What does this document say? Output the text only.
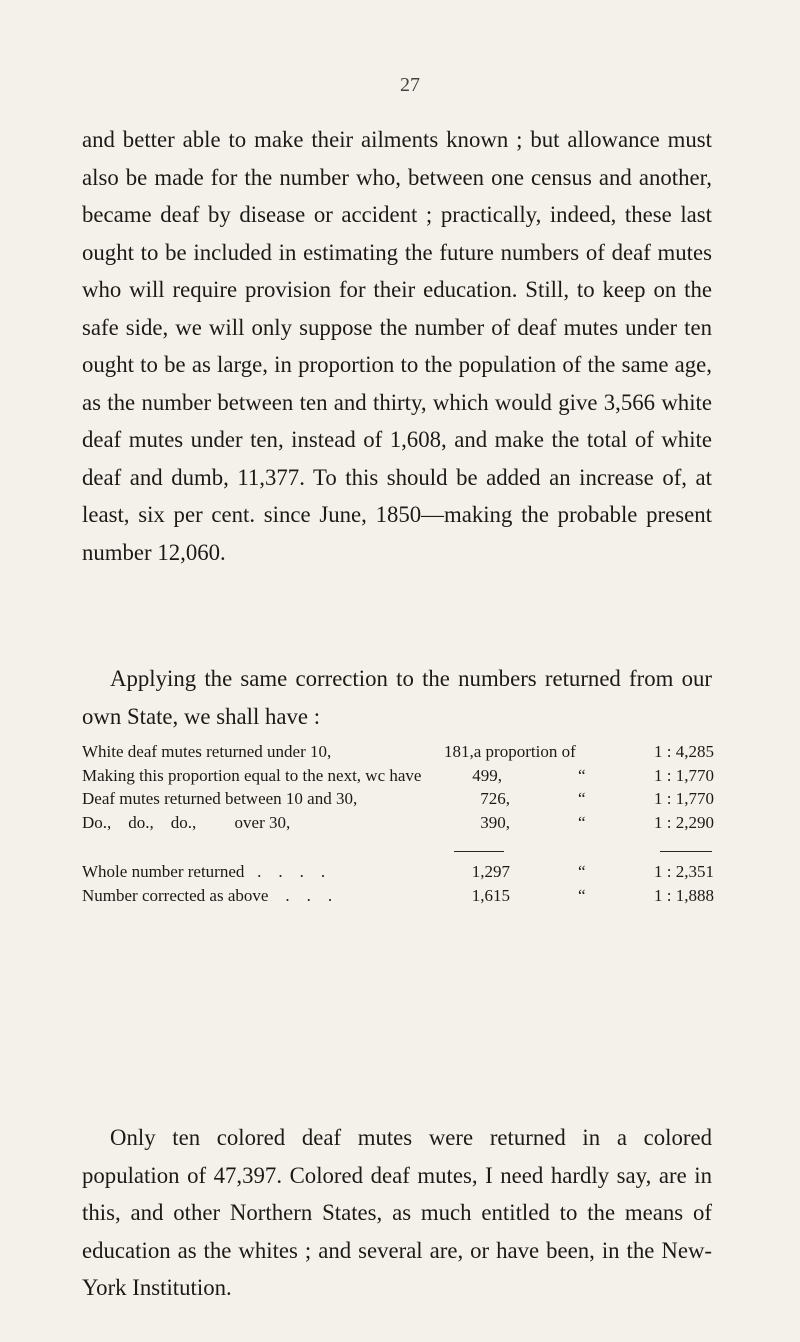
27

and better able to make their ailments known ; but allowance must also be made for the number who, between one census and another, became deaf by disease or accident ; practically, indeed, these last ought to be included in estimating the future numbers of deaf mutes who will require provision for their education. Still, to keep on the safe side, we will only suppose the number of deaf mutes under ten ought to be as large, in proportion to the population of the same age, as the number between ten and thirty, which would give 3,566 white deaf mutes under ten, instead of 1,608, and make the total of white deaf and dumb, 11,377. To this should be added an increase of, at least, six per cent. since June, 1850—making the probable present number 12,060.

Applying the same correction to the numbers returned from our own State, we shall have :

White deaf mutes returned under 10,	181,a proportion of	1 : 4,285
Making this proportion equal to the next, wc have	499,	“	1 : 1,770
Deaf mutes returned between 10 and 30,	726,	“	1 : 1,770
Do.,    do.,    do.,         over 30,	390,	“	1 : 2,290
Whole number returned   .    .    .    .	1,297	“	1 : 2,351
Number corrected as above    .    .    .	1,615	“	1 : 1,888

Only ten colored deaf mutes were returned in a colored population of 47,397. Colored deaf mutes, I need hardly say, are in this, and other Northern States, as much entitled to the means of education as the whites ; and several are, or have been, in the New-York Institution.
